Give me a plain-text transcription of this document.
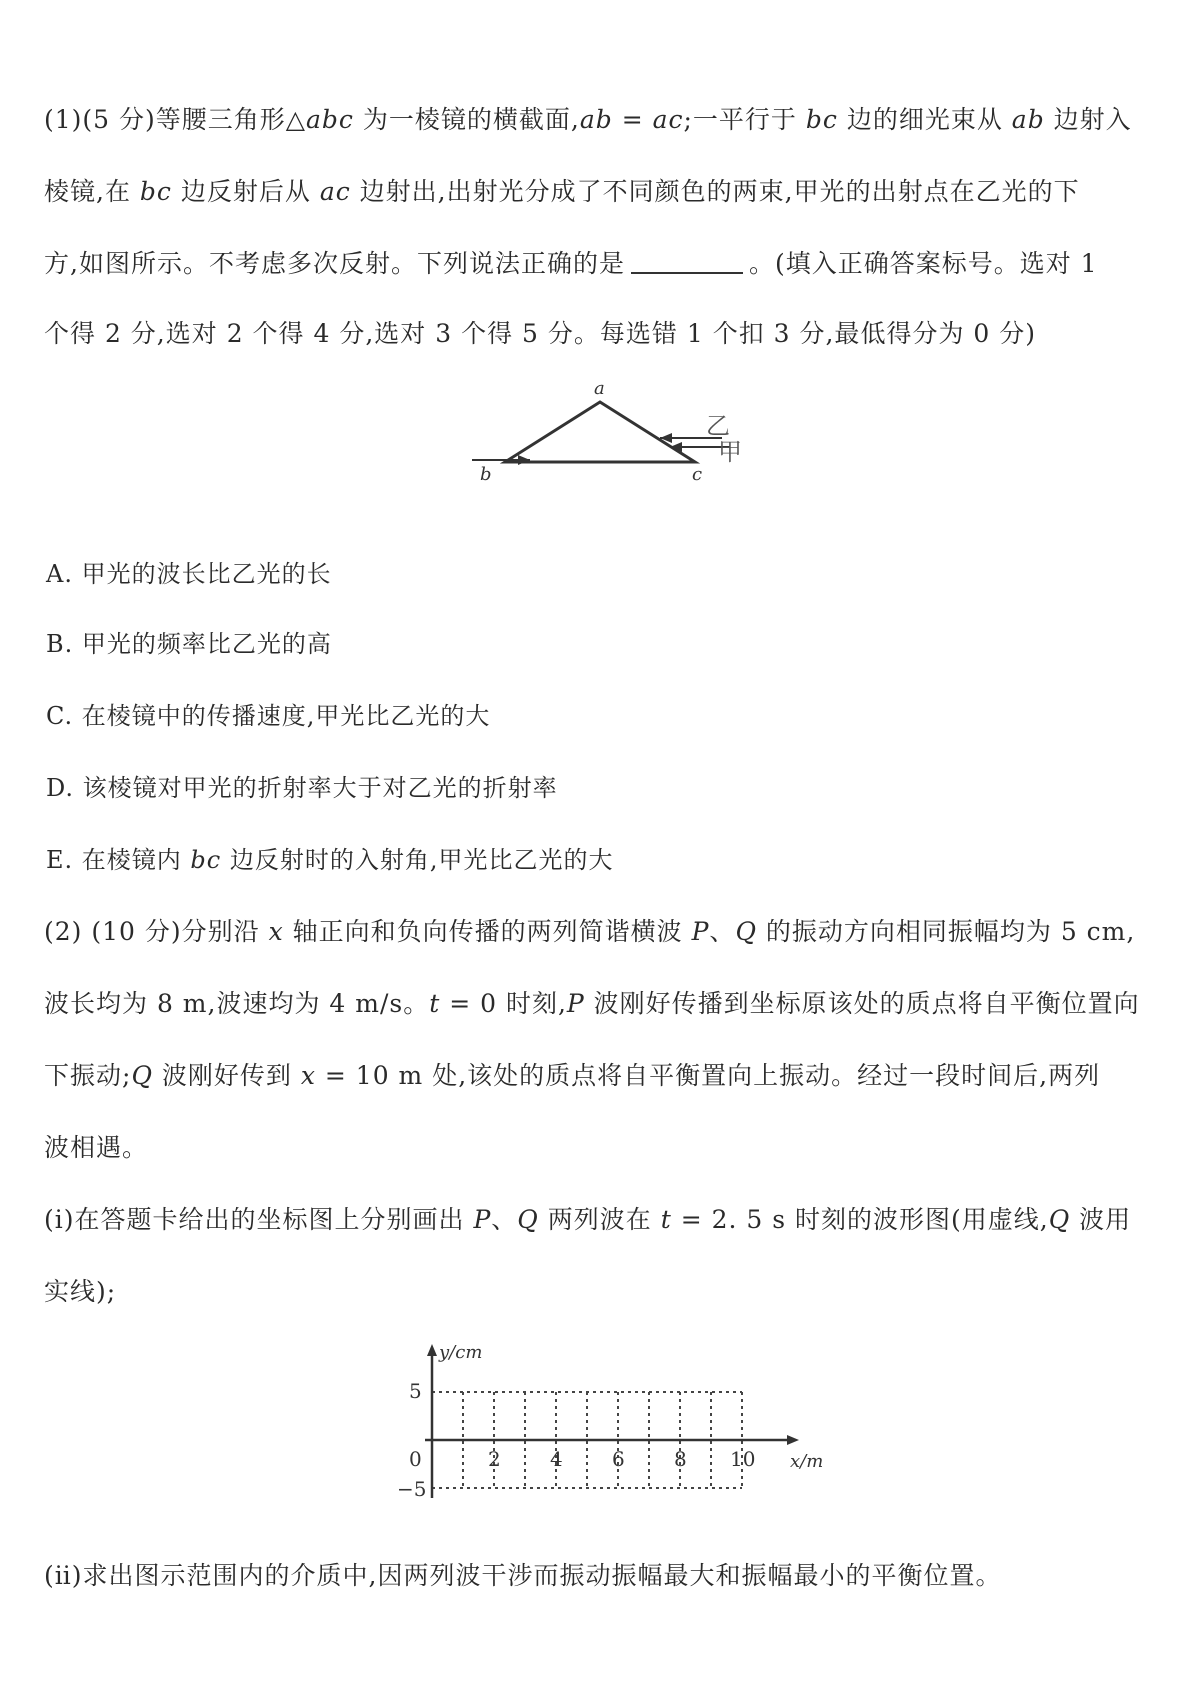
(1)(5 分)等腰三角形△abc 为一棱镜的横截面,ab = ac;一平行于 bc 边的细光束从 ab 边射入
棱镜,在 bc 边反射后从 ac 边射出,出射光分成了不同颜色的两束,甲光的出射点在乙光的下
方,如图所示。不考虑多次反射。下列说法正确的是	。(填入正确答案标号。选对 1
个得 2 分,选对 2 个得 4 分,选对 3 个得 5 分。每选错 1 个扣 3 分,最低得分为 0 分)
a
b	c
乙
甲
A. 甲光的波长比乙光的长
B. 甲光的频率比乙光的高
C. 在棱镜中的传播速度,甲光比乙光的大
D. 该棱镜对甲光的折射率大于对乙光的折射率
E. 在棱镜内 bc 边反射时的入射角,甲光比乙光的大
(2) (10 分)分别沿 x 轴正向和负向传播的两列简谐横波 P、Q 的振动方向相同振幅均为 5 cm,
波长均为 8 m,波速均为 4 m/s。t = 0 时刻,P 波刚好传播到坐标原该处的质点将自平衡位置向
下振动;Q 波刚好传到 x = 10 m 处,该处的质点将自平衡置向上振动。经过一段时间后,两列
波相遇。
(ⅰ)在答题卡给出的坐标图上分别画出 P、Q 两列波在 t = 2. 5 s 时刻的波形图(用虚线,Q 波用
实线);
y/cm
x/m
5
0
−5
2 4 6 8 10
(ⅱ)求出图示范围内的介质中,因两列波干涉而振动振幅最大和振幅最小的平衡位置。
